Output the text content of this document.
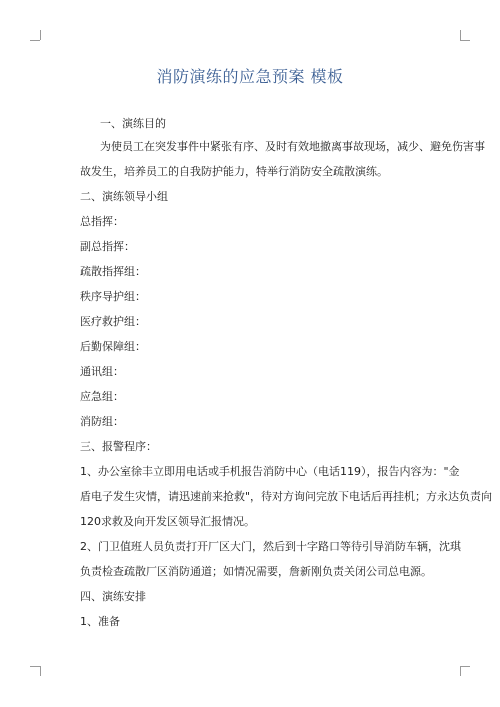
消防演练的应急预案 模板
一、演练目的
为使员工在突发事件中紧张有序、及时有效地撤离事故现场，减少、避免伤害事
故发生，培养员工的自我防护能力，特举行消防安全疏散演练。
二、演练领导小组
总指挥：
副总指挥：
疏散指挥组：
秩序导护组：
医疗救护组：
后勤保障组：
通讯组：
应急组：
消防组：
三、报警程序：
1、办公室徐丰立即用电话或手机报告消防中心（电话119），报告内容为："金
盾电子发生灾情，请迅速前来抢救"，待对方询问完放下电话后再挂机；方永达负责向
120求救及向开发区领导汇报情况。
2、门卫值班人员负责打开厂区大门，然后到十字路口等待引导消防车辆，沈琪
负责检查疏散厂区消防通道；如情况需要，詹新刚负责关闭公司总电源。
四、演练安排
1、准备
